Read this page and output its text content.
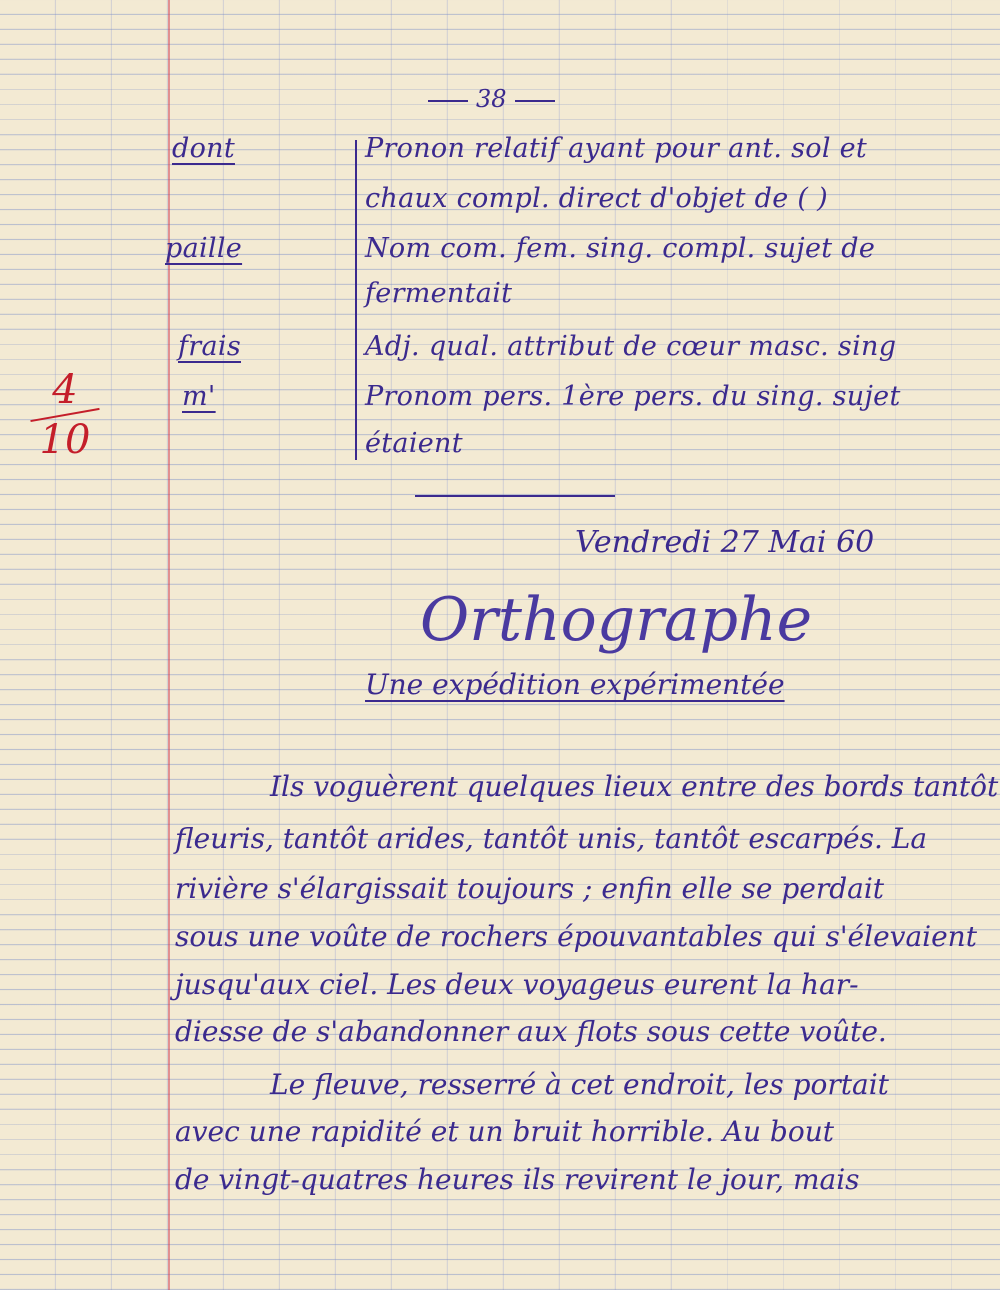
38
dont	Pronon relatif ayant pour ant. sol et
chaux compl. direct d'objet de ( )
paille	Nom com. fem. sing. compl. sujet de
fermentait
frais	Adj. qual. attribut de cœur masc. sing
m'	Pronom pers. 1ère pers. du sing. sujet
étaient
4
10
Vendredi 27 Mai 60
Orthographe
Une expédition expérimentée
Ils voguèrent quelques lieux entre des bords tantôt
fleuris, tantôt arides, tantôt unis, tantôt escarpés. La
rivière s'élargissait toujours ; enfin elle se perdait
sous une voûte de rochers épouvantables qui s'élevaient
jusqu'aux ciel. Les deux voyageus eurent la har-
diesse de s'abandonner aux flots sous cette voûte.
Le fleuve, resserré à cet endroit, les portait
avec une rapidité et un bruit horrible. Au bout
de vingt-quatres heures ils revirent le jour, mais
